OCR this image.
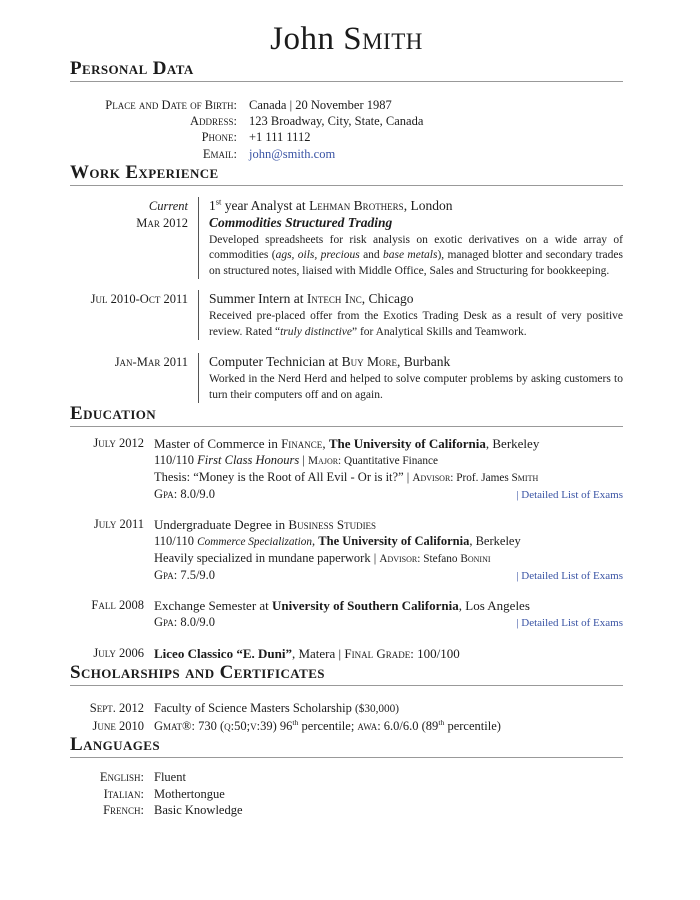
John Smith
Personal Data
Place and Date of Birth: Canada | 20 November 1987
Address: 123 Broadway, City, State, Canada
Phone: +1 111 1112
Email: john@smith.com
Work Experience
Current
Mar 2012
1st year Analyst at Lehman Brothers, London
Commodities Structured Trading
Developed spreadsheets for risk analysis on exotic derivatives on a wide array of commodities (ags, oils, precious and base metals), managed blotter and secondary trades on structured notes, liaised with Middle Office, Sales and Structuring for bookkeeping.
Jul 2010-Oct 2011 Summer Intern at Intech Inc, Chicago
Received pre-placed offer from the Exotics Trading Desk as a result of very positive review. Rated “truly distinctive” for Analytical Skills and Teamwork.
Jan-Mar 2011 Computer Technician at Buy More, Burbank
Worked in the Nerd Herd and helped to solve computer problems by asking customers to turn their computers off and on again.
Education
July 2012 Master of Commerce in Finance, The University of California, Berkeley
110/110 First Class Honours | Major: Quantitative Finance
Thesis: “Money is the Root of All Evil - Or is it?” | Advisor: Prof. James Smith
Gpa: 8.0/9.0	| Detailed List of Exams
July 2011 Undergraduate Degree in Business Studies
110/110 Commerce Specialization, The University of California, Berkeley
Heavily specialized in mundane paperwork | Advisor: Stefano Bonini
Gpa: 7.5/9.0	| Detailed List of Exams
Fall 2008 Exchange Semester at University of Southern California, Los Angeles
Gpa: 8.0/9.0	| Detailed List of Exams
July 2006 Liceo Classico “E. Duni”, Matera | Final Grade: 100/100
Scholarships and Certificates
Sept. 2012 Faculty of Science Masters Scholarship ($30,000)
June 2010 Gmat®: 730 (q:50;v:39) 96th percentile; awa: 6.0/6.0 (89th percentile)
Languages
English: Fluent
Italian: Mothertongue
French: Basic Knowledge
